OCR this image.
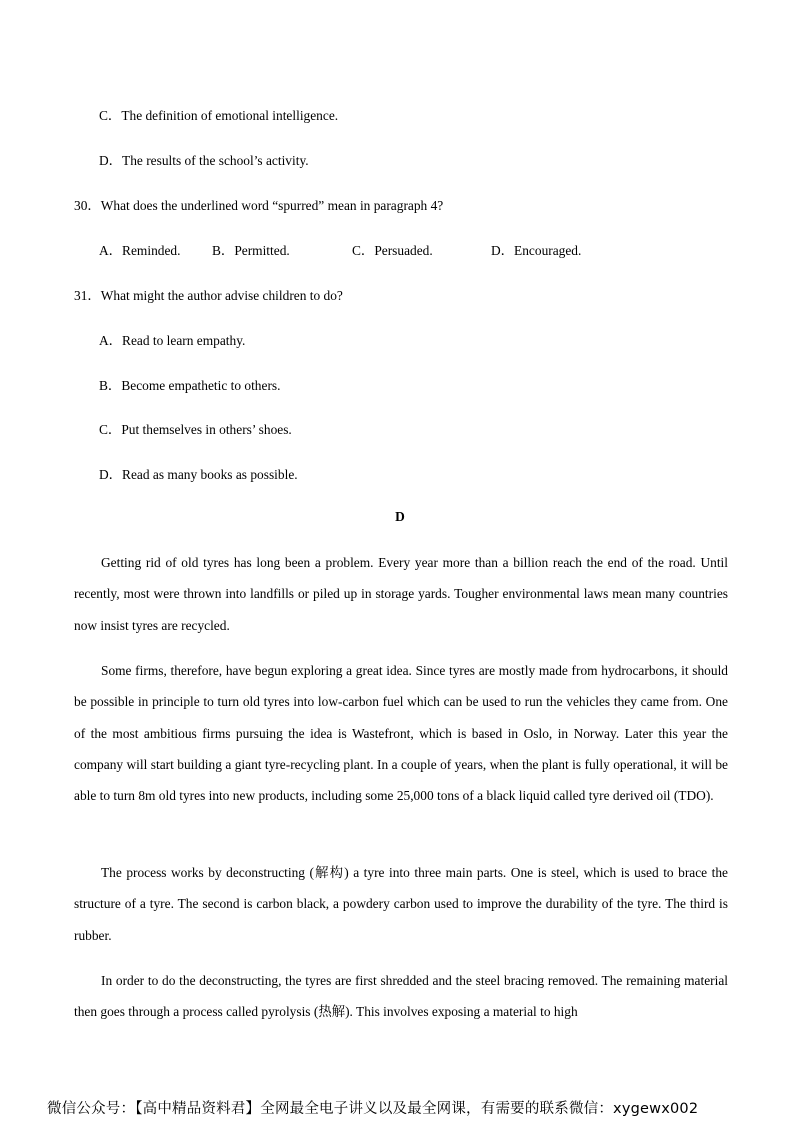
C．The definition of emotional intelligence.
D．The results of the school’s activity.
30．What does the underlined word “spurred” mean in paragraph 4?
A．Reminded. B．Permitted.	C．Persuaded.	D．Encouraged.
31．What might the author advise children to do?
A．Read to learn empathy.
B．Become empathetic to others.
C．Put themselves in others’ shoes.
D．Read as many books as possible.
D

Getting rid of old tyres has long been a problem. Every year more than a billion reach the end of the road. Until recently, most were thrown into landfills or piled up in storage yards. Tougher environmental laws mean many countries now insist tyres are recycled.

Some firms, therefore, have begun exploring a great idea. Since tyres are mostly made from hydrocarbons, it should be possible in principle to turn old tyres into low-carbon fuel which can be used to run the vehicles they came from. One of the most ambitious firms pursuing the idea is Wastefront, which is based in Oslo, in Norway. Later this year the company will start building a giant tyre-recycling plant. In a couple of years, when the plant is fully operational, it will be able to turn 8m old tyres into new products, including some 25,000 tons of a black liquid called tyre derived oil (TDO).

The process works by deconstructing (解构) a tyre into three main parts. One is steel, which is used to brace the structure of a tyre. The second is carbon black, a powdery carbon used to improve the durability of the tyre. The third is rubber.

In order to do the deconstructing, the tyres are first shredded and the steel bracing removed. The remaining material then goes through a process called pyrolysis (热解). This involves exposing a material to high

微信公众号：【高中精品资料君】全网最全电子讲义以及最全网课，有需要的联系微信：xygewx002
